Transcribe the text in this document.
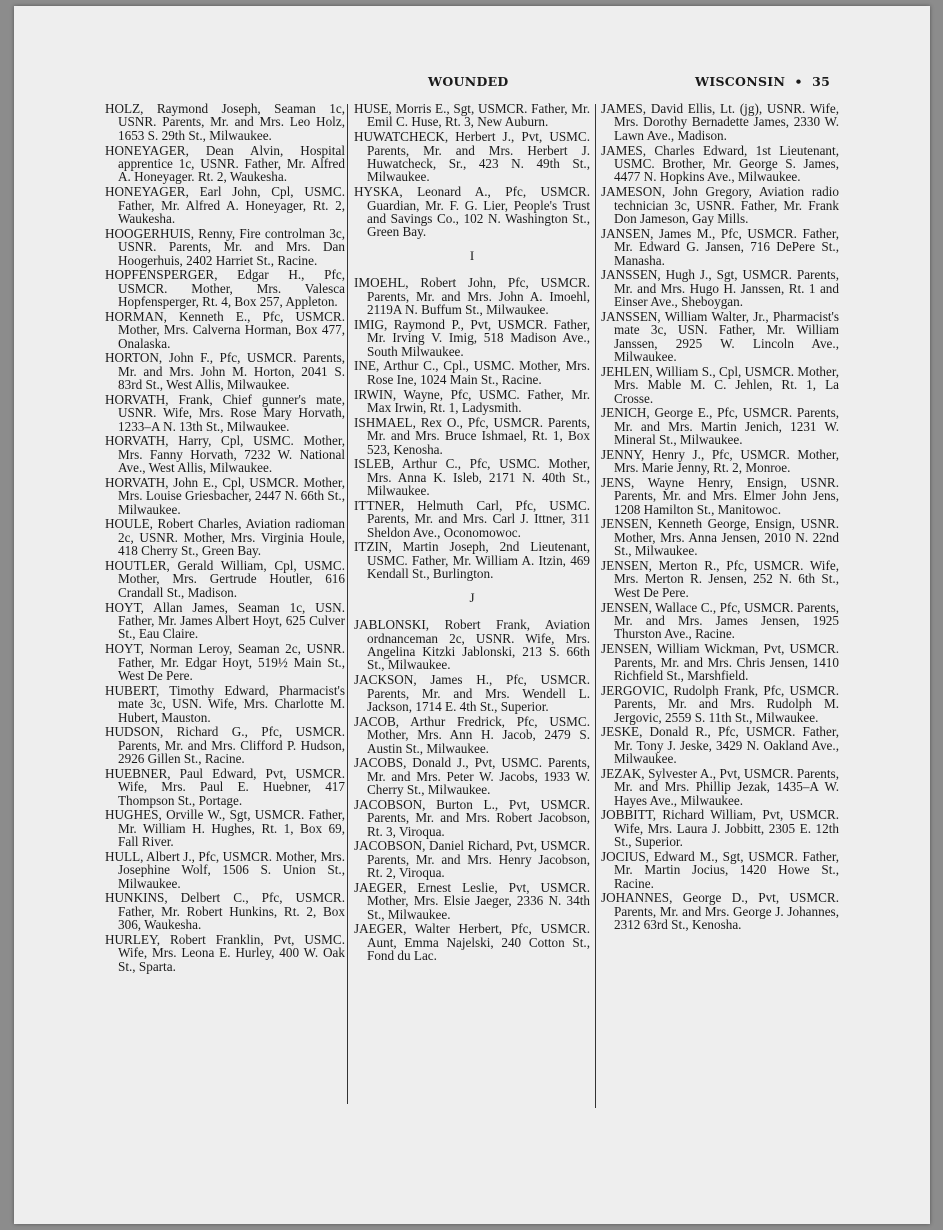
WOUNDED	WISCONSIN • 35
HOLZ, Raymond Joseph, Seaman 1c, USNR. Parents, Mr. and Mrs. Leo Holz, 1653 S. 29th St., Milwaukee.
HONEYAGER, Dean Alvin, Hospital apprentice 1c, USNR. Father, Mr. Alfred A. Honeyager. Rt. 2, Waukesha.
HONEYAGER, Earl John, Cpl, USMC. Father, Mr. Alfred A. Honeyager, Rt. 2, Waukesha.
HOOGERHUIS, Renny, Fire controlman 3c, USNR. Parents, Mr. and Mrs. Dan Hoogerhuis, 2402 Harriet St., Racine.
HOPFENSPERGER, Edgar H., Pfc, USMCR. Mother, Mrs. Valesca Hopfensperger, Rt. 4, Box 257, Appleton.
HORMAN, Kenneth E., Pfc, USMCR. Mother, Mrs. Calverna Horman, Box 477, Onalaska.
HORTON, John F., Pfc, USMCR. Parents, Mr. and Mrs. John M. Horton, 2041 S. 83rd St., West Allis, Milwaukee.
HORVATH, Frank, Chief gunner's mate, USNR. Wife, Mrs. Rose Mary Horvath, 1233–A N. 13th St., Milwaukee.
HORVATH, Harry, Cpl, USMC. Mother, Mrs. Fanny Horvath, 7232 W. National Ave., West Allis, Milwaukee.
HORVATH, John E., Cpl, USMCR. Mother, Mrs. Louise Griesbacher, 2447 N. 66th St., Milwaukee.
HOULE, Robert Charles, Aviation radioman 2c, USNR. Mother, Mrs. Virginia Houle, 418 Cherry St., Green Bay.
HOUTLER, Gerald William, Cpl, USMC. Mother, Mrs. Gertrude Houtler, 616 Crandall St., Madison.
HOYT, Allan James, Seaman 1c, USN. Father, Mr. James Albert Hoyt, 625 Culver St., Eau Claire.
HOYT, Norman Leroy, Seaman 2c, USNR. Father, Mr. Edgar Hoyt, 519½ Main St., West De Pere.
HUBERT, Timothy Edward, Pharmacist's mate 3c, USN. Wife, Mrs. Charlotte M. Hubert, Mauston.
HUDSON, Richard G., Pfc, USMCR. Parents, Mr. and Mrs. Clifford P. Hudson, 2926 Gillen St., Racine.
HUEBNER, Paul Edward, Pvt, USMCR. Wife, Mrs. Paul E. Huebner, 417 Thompson St., Portage.
HUGHES, Orville W., Sgt, USMCR. Father, Mr. William H. Hughes, Rt. 1, Box 69, Fall River.
HULL, Albert J., Pfc, USMCR. Mother, Mrs. Josephine Wolf, 1506 S. Union St., Milwaukee.
HUNKINS, Delbert C., Pfc, USMCR. Father, Mr. Robert Hunkins, Rt. 2, Box 306, Waukesha.
HURLEY, Robert Franklin, Pvt, USMC. Wife, Mrs. Leona E. Hurley, 400 W. Oak St., Sparta.
HUSE, Morris E., Sgt, USMCR. Father, Mr. Emil C. Huse, Rt. 3, New Auburn.
HUWATCHECK, Herbert J., Pvt, USMC. Parents, Mr. and Mrs. Herbert J. Huwatcheck, Sr., 423 N. 49th St., Milwaukee.
HYSKA, Leonard A., Pfc, USMCR. Guardian, Mr. F. G. Lier, People's Trust and Savings Co., 102 N. Washington St., Green Bay.
I
IMOEHL, Robert John, Pfc, USMCR. Parents, Mr. and Mrs. John A. Imoehl, 2119A N. Buffum St., Milwaukee.
IMIG, Raymond P., Pvt, USMCR. Father, Mr. Irving V. Imig, 518 Madison Ave., South Milwaukee.
INE, Arthur C., Cpl., USMC. Mother, Mrs. Rose Ine, 1024 Main St., Racine.
IRWIN, Wayne, Pfc, USMC. Father, Mr. Max Irwin, Rt. 1, Ladysmith.
ISHMAEL, Rex O., Pfc, USMCR. Parents, Mr. and Mrs. Bruce Ishmael, Rt. 1, Box 523, Kenosha.
ISLEB, Arthur C., Pfc, USMC. Mother, Mrs. Anna K. Isleb, 2171 N. 40th St., Milwaukee.
ITTNER, Helmuth Carl, Pfc, USMC. Parents, Mr. and Mrs. Carl J. Ittner, 311 Sheldon Ave., Oconomowoc.
ITZIN, Martin Joseph, 2nd Lieutenant, USMC. Father, Mr. William A. Itzin, 469 Kendall St., Burlington.
J
JABLONSKI, Robert Frank, Aviation ordnanceman 2c, USNR. Wife, Mrs. Angelina Kitzki Jablonski, 213 S. 66th St., Milwaukee.
JACKSON, James H., Pfc, USMCR. Parents, Mr. and Mrs. Wendell L. Jackson, 1714 E. 4th St., Superior.
JACOB, Arthur Fredrick, Pfc, USMC. Mother, Mrs. Ann H. Jacob, 2479 S. Austin St., Milwaukee.
JACOBS, Donald J., Pvt, USMC. Parents, Mr. and Mrs. Peter W. Jacobs, 1933 W. Cherry St., Milwaukee.
JACOBSON, Burton L., Pvt, USMCR. Parents, Mr. and Mrs. Robert Jacobson, Rt. 3, Viroqua.
JACOBSON, Daniel Richard, Pvt, USMCR. Parents, Mr. and Mrs. Henry Jacobson, Rt. 2, Viroqua.
JAEGER, Ernest Leslie, Pvt, USMCR. Mother, Mrs. Elsie Jaeger, 2336 N. 34th St., Milwaukee.
JAEGER, Walter Herbert, Pfc, USMCR. Aunt, Emma Najelski, 240 Cotton St., Fond du Lac.
JAMES, David Ellis, Lt. (jg), USNR. Wife, Mrs. Dorothy Bernadette James, 2330 W. Lawn Ave., Madison.
JAMES, Charles Edward, 1st Lieutenant, USMC. Brother, Mr. George S. James, 4477 N. Hopkins Ave., Milwaukee.
JAMESON, John Gregory, Aviation radio technician 3c, USNR. Father, Mr. Frank Don Jameson, Gay Mills.
JANSEN, James M., Pfc, USMCR. Father, Mr. Edward G. Jansen, 716 DePere St., Manasha.
JANSSEN, Hugh J., Sgt, USMCR. Parents, Mr. and Mrs. Hugo H. Janssen, Rt. 1 and Einser Ave., Sheboygan.
JANSSEN, William Walter, Jr., Pharmacist's mate 3c, USN. Father, Mr. William Janssen, 2925 W. Lincoln Ave., Milwaukee.
JEHLEN, William S., Cpl, USMCR. Mother, Mrs. Mable M. C. Jehlen, Rt. 1, La Crosse.
JENICH, George E., Pfc, USMCR. Parents, Mr. and Mrs. Martin Jenich, 1231 W. Mineral St., Milwaukee.
JENNY, Henry J., Pfc, USMCR. Mother, Mrs. Marie Jenny, Rt. 2, Monroe.
JENS, Wayne Henry, Ensign, USNR. Parents, Mr. and Mrs. Elmer John Jens, 1208 Hamilton St., Manitowoc.
JENSEN, Kenneth George, Ensign, USNR. Mother, Mrs. Anna Jensen, 2010 N. 22nd St., Milwaukee.
JENSEN, Merton R., Pfc, USMCR. Wife, Mrs. Merton R. Jensen, 252 N. 6th St., West De Pere.
JENSEN, Wallace C., Pfc, USMCR. Parents, Mr. and Mrs. James Jensen, 1925 Thurston Ave., Racine.
JENSEN, William Wickman, Pvt, USMCR. Parents, Mr. and Mrs. Chris Jensen, 1410 Richfield St., Marshfield.
JERGOVIC, Rudolph Frank, Pfc, USMCR. Parents, Mr. and Mrs. Rudolph M. Jergovic, 2559 S. 11th St., Milwaukee.
JESKE, Donald R., Pfc, USMCR. Father, Mr. Tony J. Jeske, 3429 N. Oakland Ave., Milwaukee.
JEZAK, Sylvester A., Pvt, USMCR. Parents, Mr. and Mrs. Phillip Jezak, 1435–A W. Hayes Ave., Milwaukee.
JOBBITT, Richard William, Pvt, USMCR. Wife, Mrs. Laura J. Jobbitt, 2305 E. 12th St., Superior.
JOCIUS, Edward M., Sgt, USMCR. Father, Mr. Martin Jocius, 1420 Howe St., Racine.
JOHANNES, George D., Pvt, USMCR. Parents, Mr. and Mrs. George J. Johannes, 2312 63rd St., Kenosha.
